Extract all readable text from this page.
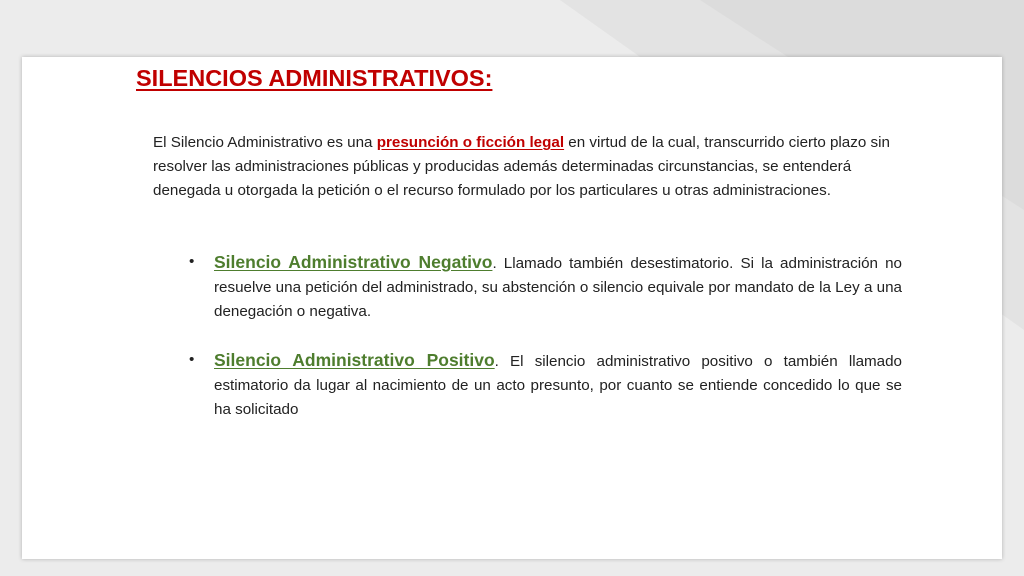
SILENCIOS ADMINISTRATIVOS:

El Silencio Administrativo es una presunción o ficción legal en virtud de la cual, transcurrido cierto plazo sin resolver las administraciones públicas y producidas además determinadas circunstancias, se entenderá denegada u otorgada la petición o el recurso formulado por los particulares u otras administraciones.

• Silencio Administrativo Negativo. Llamado también desestimatorio. Si la administración no resuelve una petición del administrado, su abstención o silencio equivale por mandato de la Ley a una denegación o negativa.

• Silencio Administrativo Positivo. El silencio administrativo positivo o también llamado estimatorio da lugar al nacimiento de un acto presunto, por cuanto se entiende concedido lo que se ha solicitado
